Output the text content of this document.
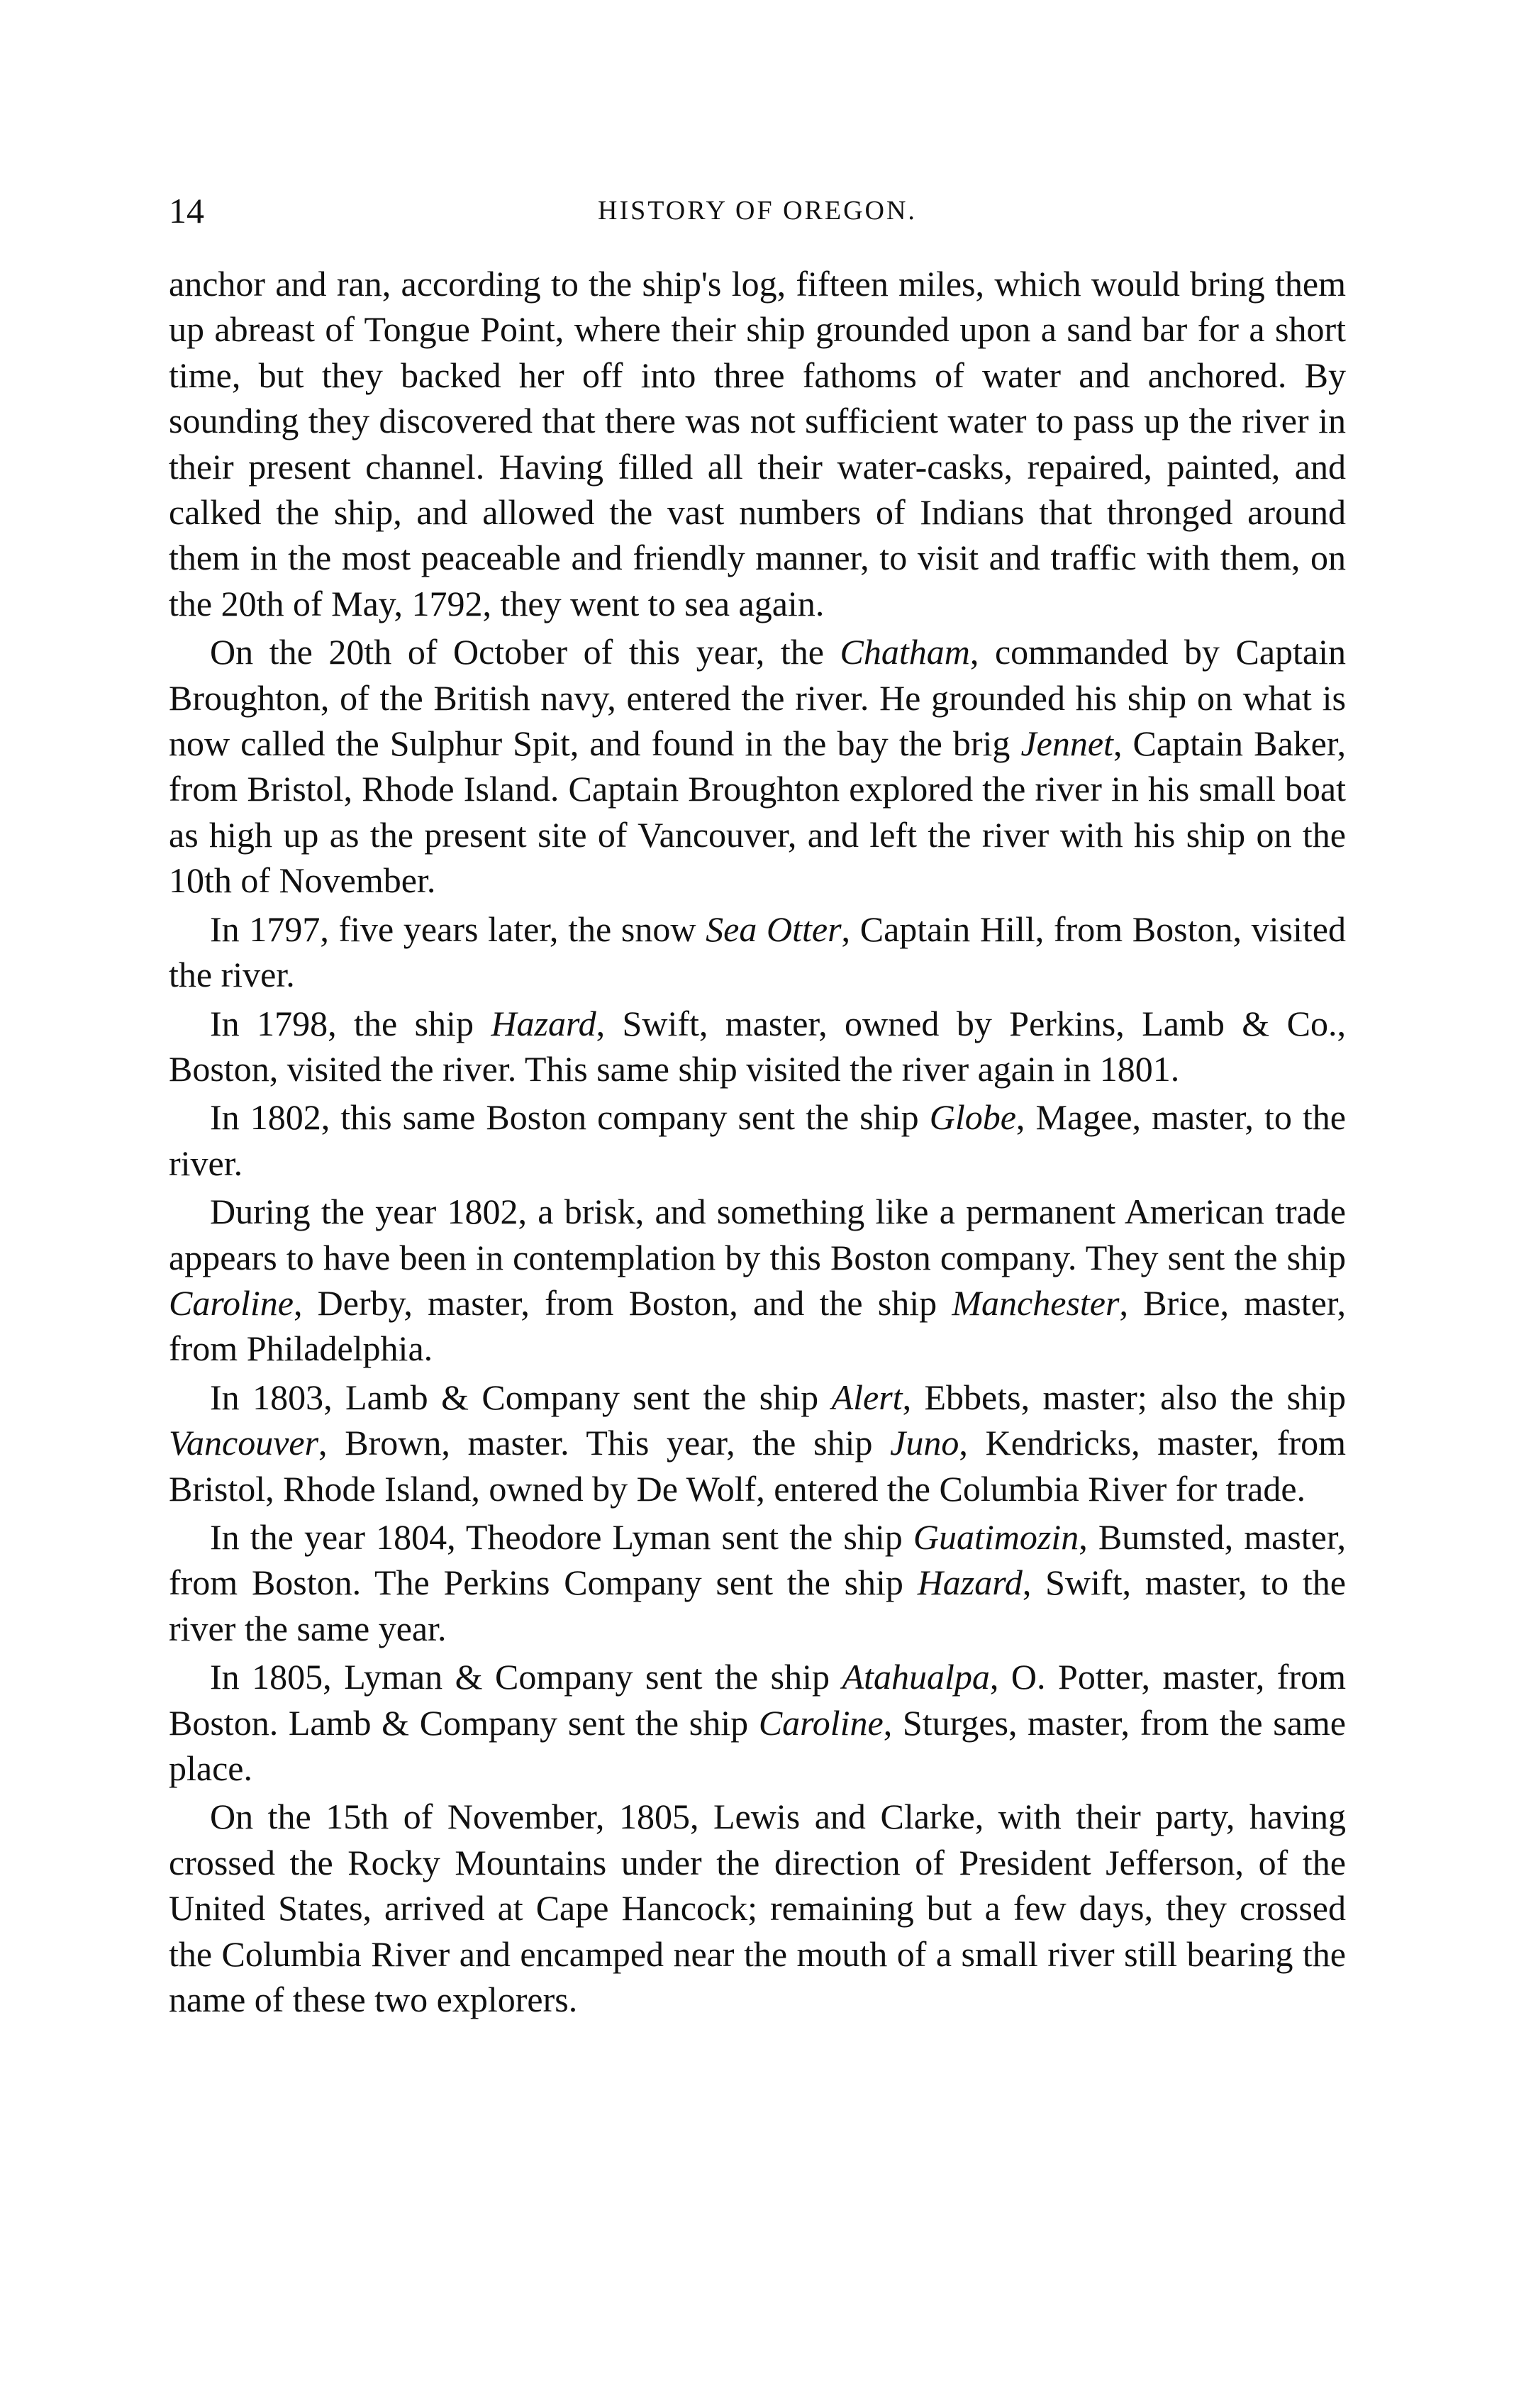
14	HISTORY OF OREGON.

anchor and ran, according to the ship's log, fifteen miles, which would bring them up abreast of Tongue Point, where their ship grounded upon a sand bar for a short time, but they backed her off into three fathoms of water and anchored. By sounding they discovered that there was not sufficient water to pass up the river in their present channel. Having filled all their water-casks, repaired, painted, and calked the ship, and allowed the vast numbers of Indians that thronged around them in the most peaceable and friendly manner, to visit and traffic with them, on the 20th of May, 1792, they went to sea again.

On the 20th of October of this year, the Chatham, commanded by Captain Broughton, of the British navy, entered the river. He grounded his ship on what is now called the Sulphur Spit, and found in the bay the brig Jennet, Captain Baker, from Bristol, Rhode Island. Captain Broughton explored the river in his small boat as high up as the present site of Vancouver, and left the river with his ship on the 10th of November.

In 1797, five years later, the snow Sea Otter, Captain Hill, from Boston, visited the river.

In 1798, the ship Hazard, Swift, master, owned by Perkins, Lamb & Co., Boston, visited the river. This same ship visited the river again in 1801.

In 1802, this same Boston company sent the ship Globe, Magee, master, to the river.

During the year 1802, a brisk, and something like a permanent American trade appears to have been in contemplation by this Boston company. They sent the ship Caroline, Derby, master, from Boston, and the ship Manchester, Brice, master, from Philadelphia.

In 1803, Lamb & Company sent the ship Alert, Ebbets, master; also the ship Vancouver, Brown, master. This year, the ship Juno, Kendricks, master, from Bristol, Rhode Island, owned by De Wolf, entered the Columbia River for trade.

In the year 1804, Theodore Lyman sent the ship Guatimozin, Bumsted, master, from Boston. The Perkins Company sent the ship Hazard, Swift, master, to the river the same year.

In 1805, Lyman & Company sent the ship Atahualpa, O. Potter, master, from Boston. Lamb & Company sent the ship Caroline, Sturges, master, from the same place.

On the 15th of November, 1805, Lewis and Clarke, with their party, having crossed the Rocky Mountains under the direction of President Jefferson, of the United States, arrived at Cape Hancock; remaining but a few days, they crossed the Columbia River and encamped near the mouth of a small river still bearing the name of these two explorers.
